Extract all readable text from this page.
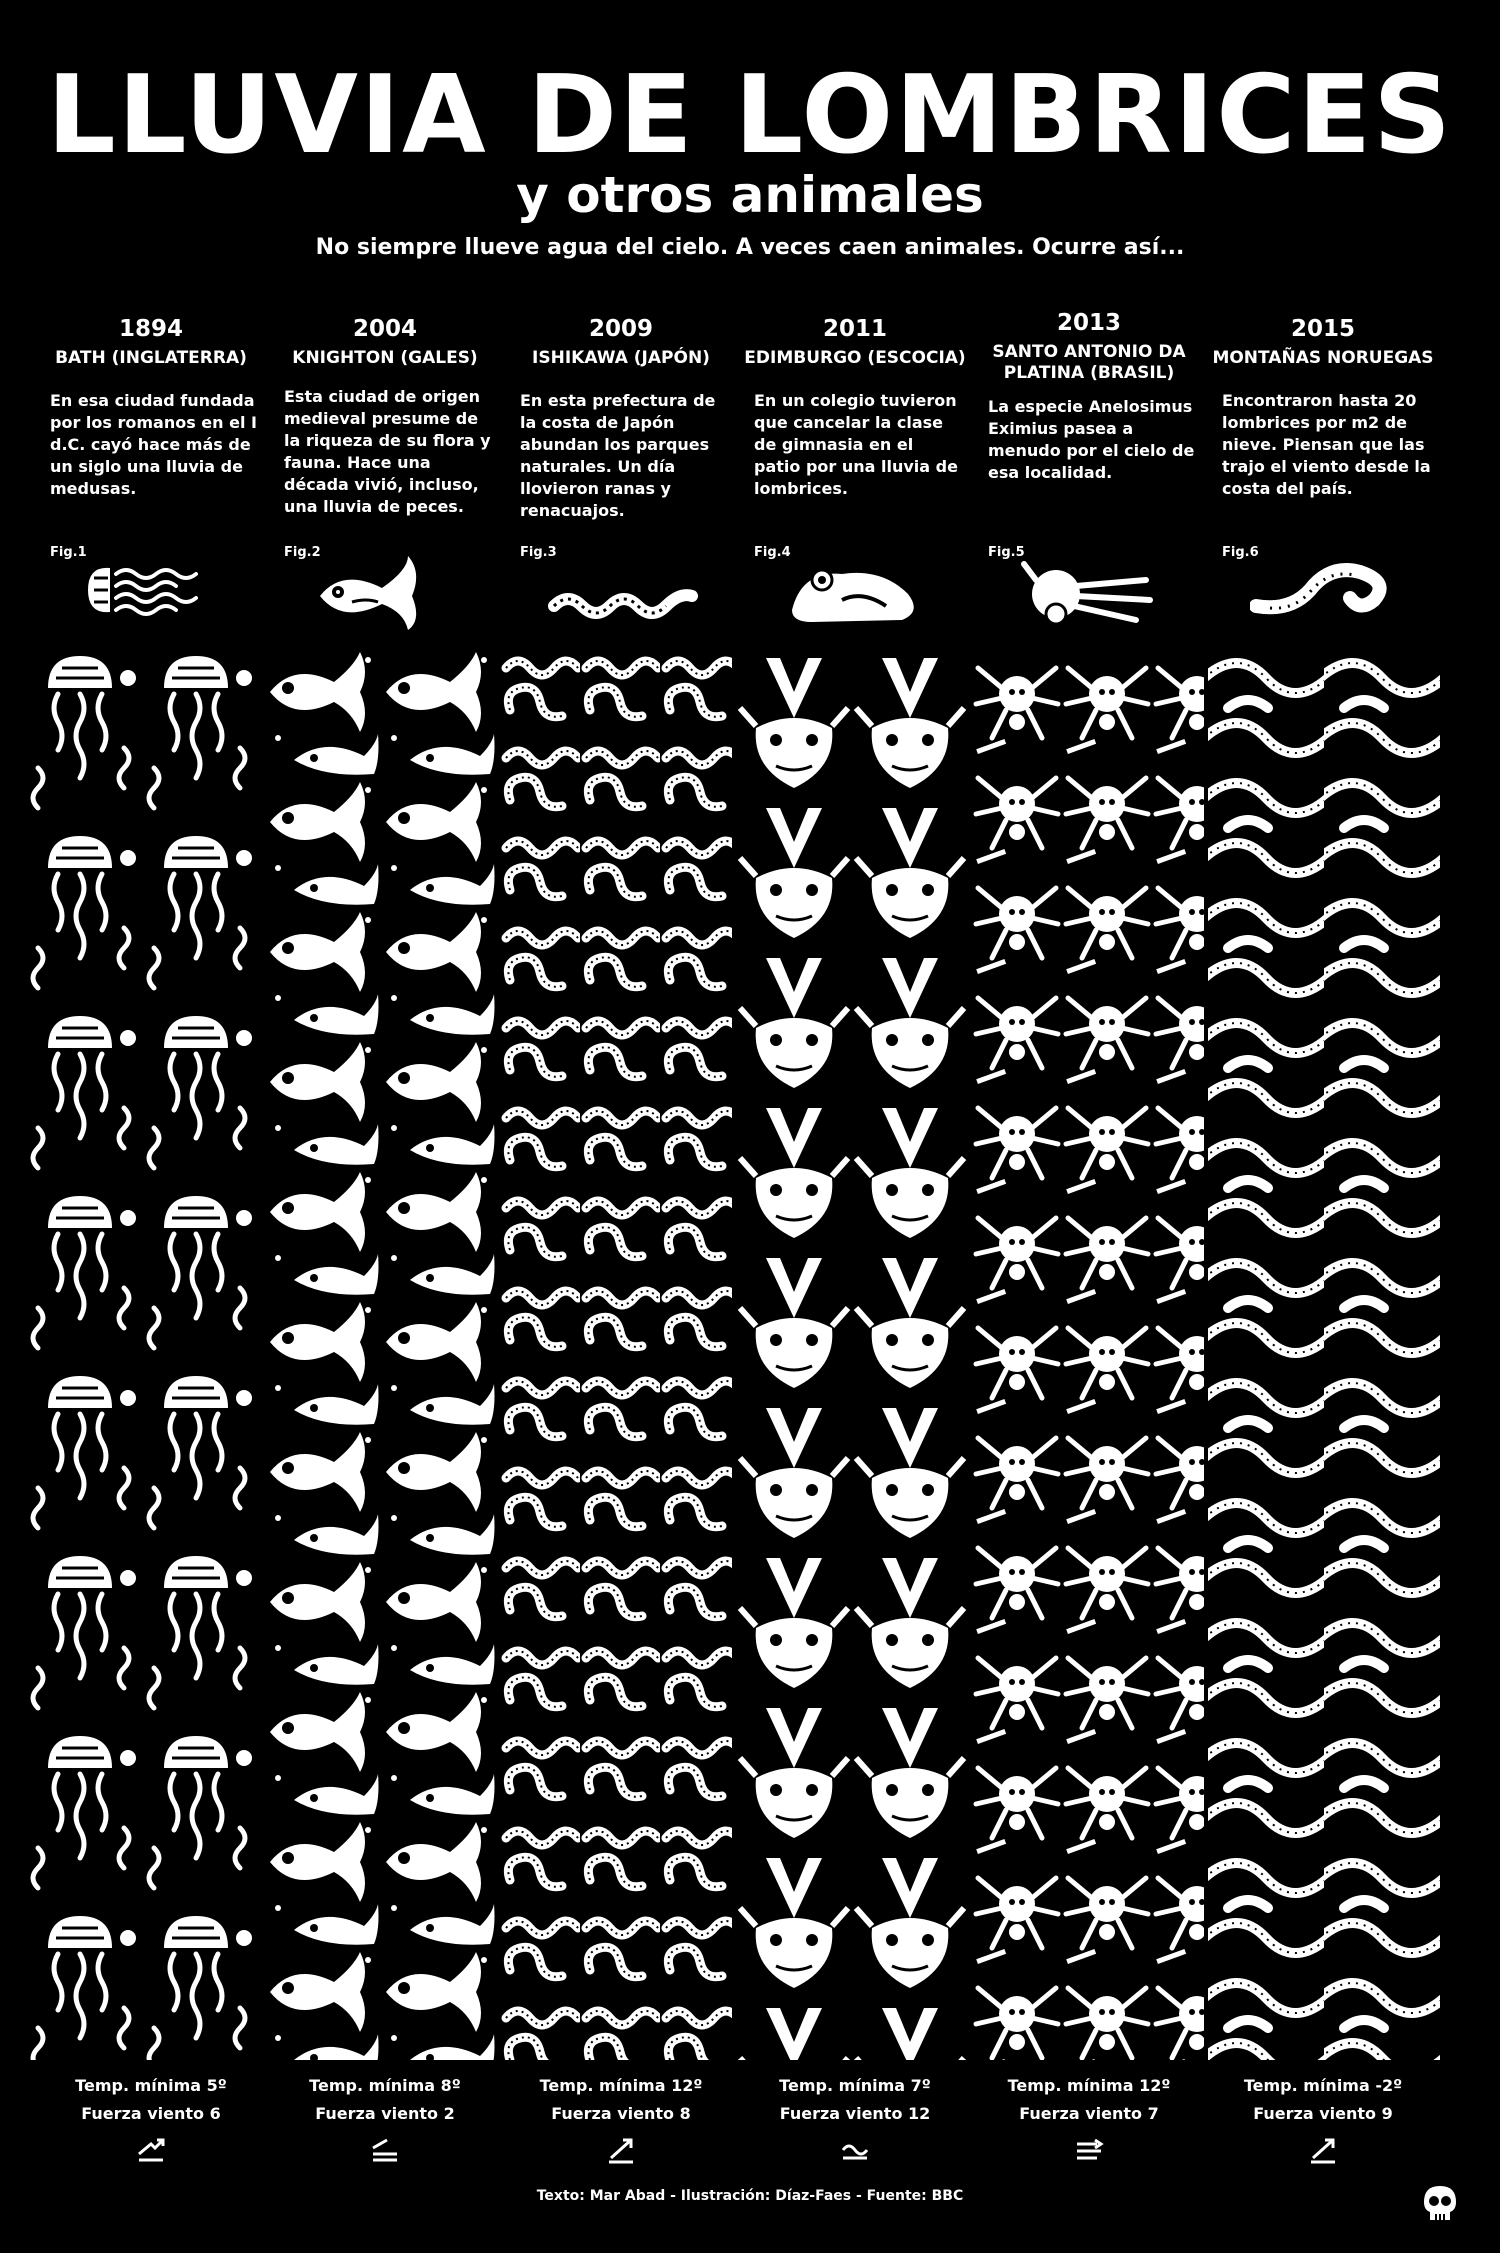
LLUVIA DE LOMBRICES
y otros animales
No siempre llueve agua del cielo. A veces caen animales. Ocurre así...
1894
BATH (INGLATERRA)
En esa ciudad fundada por los romanos en el I d.C. cayó hace más de un siglo una lluvia de medusas.
Fig.1
2004
KNIGHTON (GALES)
Esta ciudad de origen medieval presume de la riqueza de su flora y fauna. Hace una década vivió, incluso, una lluvia de peces.
Fig.2
2009
ISHIKAWA (JAPÓN)
En esta prefectura de la costa de Japón abundan los parques naturales. Un día llovieron ranas y renacuajos.
Fig.3
2011
EDIMBURGO (ESCOCIA)
En un colegio tuvieron que cancelar la clase de gimnasia en el patio por una lluvia de lombrices.
Fig.4
2013
SANTO ANTONIO DA PLATINA (BRASIL)
La especie Anelosimus Eximius pasea a menudo por el cielo de esa localidad.
Fig.5
2015
MONTAÑAS NORUEGAS
Encontraron hasta 20 lombrices por m2 de nieve. Piensan que las trajo el viento desde la costa del país.
Fig.6
Temp. mínima 5º
Fuerza viento 6
Temp. mínima 8º
Fuerza viento 2
Temp. mínima 12º
Fuerza viento 8
Temp. mínima 7º
Fuerza viento 12
Temp. mínima 12º
Fuerza viento 7
Temp. mínima -2º
Fuerza viento 9
Texto: Mar Abad - Ilustración: Díaz-Faes - Fuente: BBC
